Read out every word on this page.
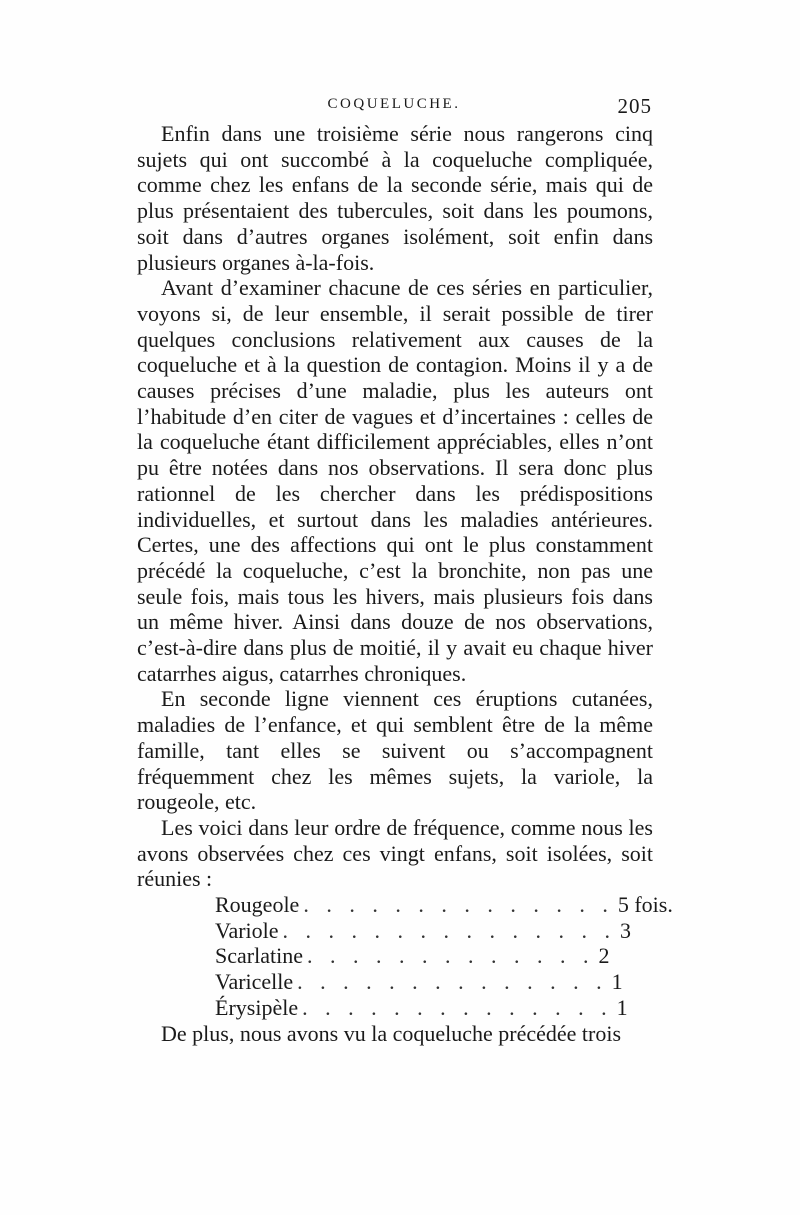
COQUELUCHE.	205

Enfin dans une troisième série nous rangerons cinq sujets qui ont succombé à la coqueluche compliquée, comme chez les enfans de la seconde série, mais qui de plus présentaient des tubercules, soit dans les poumons, soit dans d’autres organes isolément, soit enfin dans plusieurs organes à-la-fois.

Avant d’examiner chacune de ces séries en particulier, voyons si, de leur ensemble, il serait possible de tirer quelques conclusions relativement aux causes de la coqueluche et à la question de contagion. Moins il y a de causes précises d’une maladie, plus les auteurs ont l’habitude d’en citer de vagues et d’incertaines : celles de la coqueluche étant difficilement appréciables, elles n’ont pu être notées dans nos observations. Il sera donc plus rationnel de les chercher dans les prédispositions individuelles, et surtout dans les maladies antérieures. Certes, une des affections qui ont le plus constamment précédé la coqueluche, c’est la bronchite, non pas une seule fois, mais tous les hivers, mais plusieurs fois dans un même hiver. Ainsi dans douze de nos observations, c’est-à-dire dans plus de moitié, il y avait eu chaque hiver catarrhes aigus, catarrhes chroniques.

En seconde ligne viennent ces éruptions cutanées, maladies de l’enfance, et qui semblent être de la même famille, tant elles se suivent ou s’accompagnent fréquemment chez les mêmes sujets, la variole, la rougeole, etc.

Les voici dans leur ordre de fréquence, comme nous les avons observées chez ces vingt enfans, soit isolées, soit réunies :

Rougeole . . . . . . . . . . . . . . 5 fois.
Variole . . . . . . . . . . . . . . . 3
Scarlatine . . . . . . . . . . . . . 2
Varicelle . . . . . . . . . . . . . . 1
Érysipèle . . . . . . . . . . . . . . 1

De plus, nous avons vu la coqueluche précédée trois
